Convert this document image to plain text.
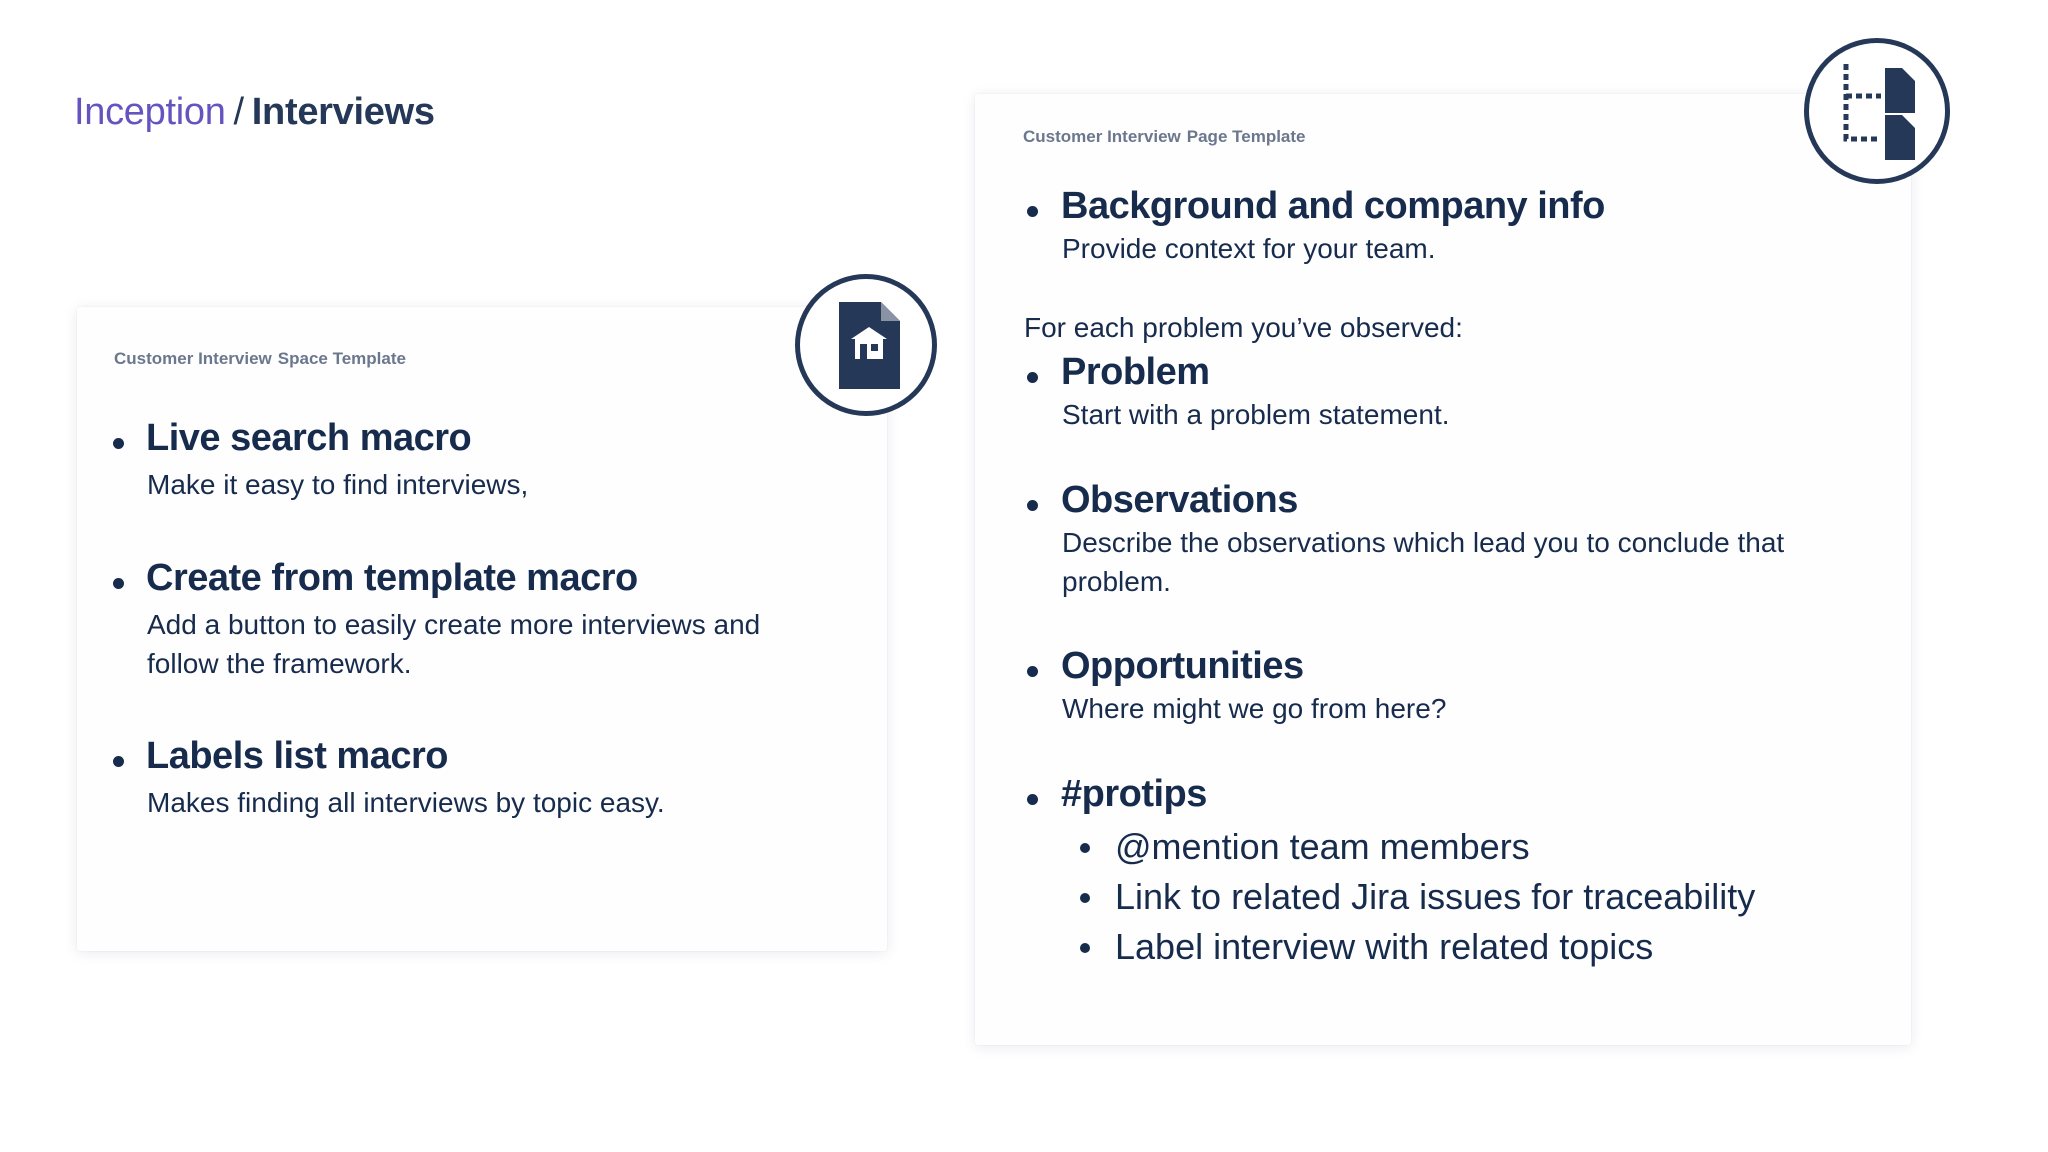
Inception / Interviews
Customer Interview Space Template
Live search macro
Make it easy to find interviews,
Create from template macro
Add a button to easily create more interviews and follow the framework.
Labels list macro
Makes finding all interviews by topic easy.
Customer Interview Page Template
Background and company info
Provide context for your team.
For each problem you’ve observed:
Problem
Start with a problem statement.
Observations
Describe the observations which lead you to conclude that problem.
Opportunities
Where might we go from here?
#protips
@mention team members
Link to related Jira issues for traceability
Label interview with related topics
